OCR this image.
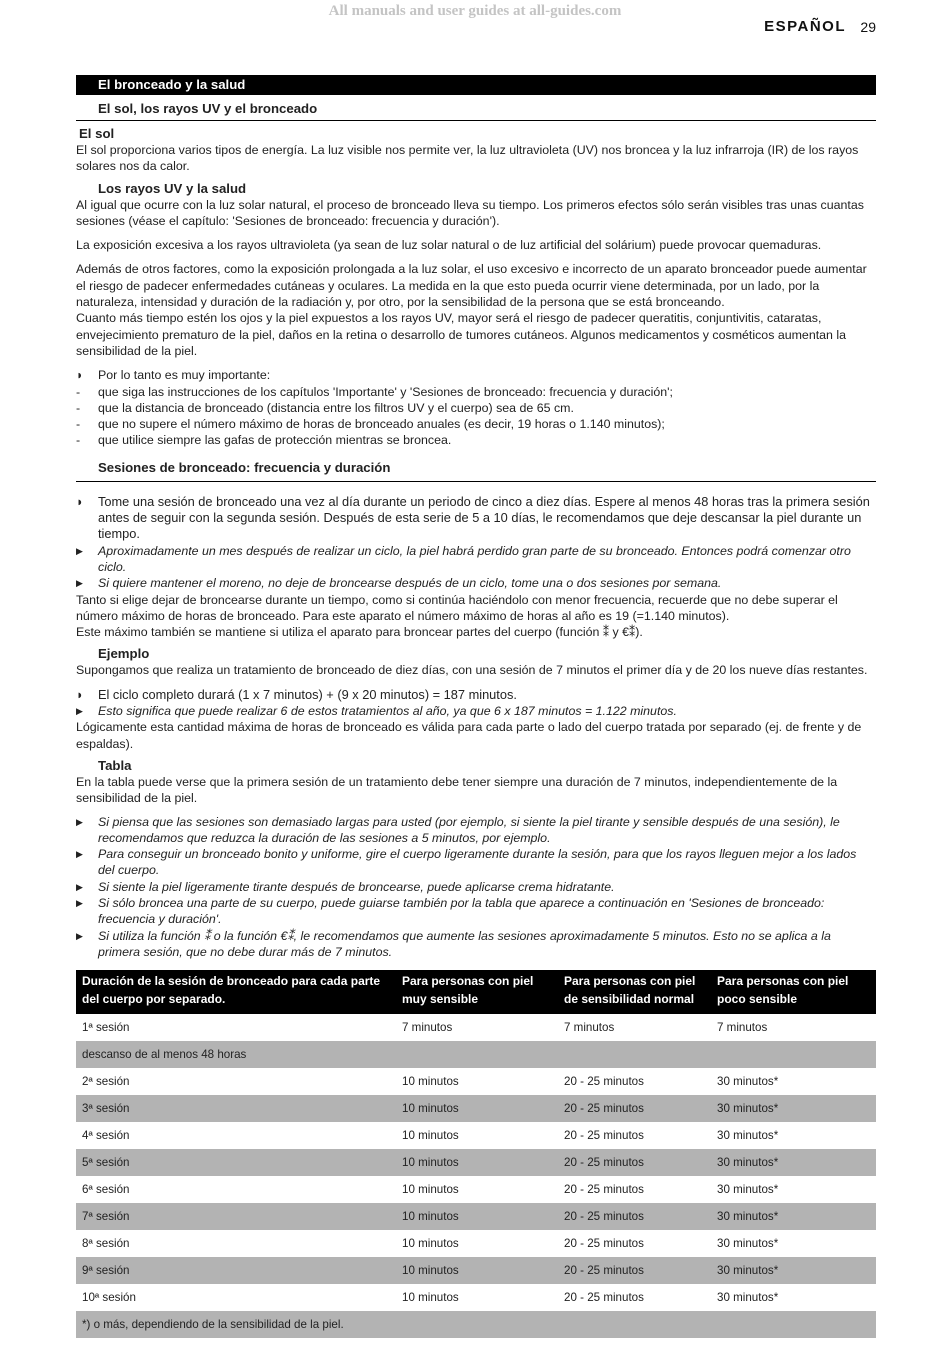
All manuals and user guides at all-guides.com
ESPAÑOL 29
El bronceado y la salud
El sol, los rayos UV y el bronceado
El sol

El sol proporciona varios tipos de energía. La luz visible nos permite ver, la luz ultravioleta (UV) nos broncea y la luz infrarroja (IR) de los rayos solares nos da calor.

Los rayos UV y la salud

Al igual que ocurre con la luz solar natural, el proceso de bronceado lleva su tiempo. Los primeros efectos sólo serán visibles tras unas cuantas sesiones (véase el capítulo: 'Sesiones de bronceado: frecuencia y duración').

La exposición excesiva a los rayos ultravioleta (ya sean de luz solar natural o de luz artificial del solárium) puede provocar quemaduras.

Además de otros factores, como la exposición prolongada a la luz solar, el uso excesivo e incorrecto de un aparato bronceador puede aumentar el riesgo de padecer enfermedades cutáneas y oculares. La medida en la que esto pueda ocurrir viene determinada, por un lado, por la naturaleza, intensidad y duración de la radiación y, por otro, por la sensibilidad de la persona que se está bronceando.

Cuanto más tiempo estén los ojos y la piel expuestos a los rayos UV, mayor será el riesgo de padecer queratitis, conjuntivitis, cataratas, envejecimiento prematuro de la piel, daños en la retina o desarrollo de tumores cutáneos. Algunos medicamentos y cosméticos aumentan la sensibilidad de la piel.

◗ Por lo tanto es muy importante:
- que siga las instrucciones de los capítulos 'Importante' y 'Sesiones de bronceado: frecuencia y duración';
- que la distancia de bronceado (distancia entre los filtros UV y el cuerpo) sea de 65 cm.
- que no supere el número máximo de horas de bronceado anuales (es decir, 19 horas o 1.140 minutos);
- que utilice siempre las gafas de protección mientras se broncea.
Sesiones de bronceado: frecuencia y duración
◗ Tome una sesión de bronceado una vez al día durante un periodo de cinco a diez días. Espere al menos 48 horas tras la primera sesión antes de seguir con la segunda sesión. Después de esta serie de 5 a 10 días, le recomendamos que deje descansar la piel durante un tiempo.
▶ Aproximadamente un mes después de realizar un ciclo, la piel habrá perdido gran parte de su bronceado. Entonces podrá comenzar otro ciclo.
▶ Si quiere mantener el moreno, no deje de broncearse después de un ciclo, tome una o dos sesiones por semana.

Tanto si elige dejar de broncearse durante un tiempo, como si continúa haciéndolo con menor frecuencia, recuerde que no debe superar el número máximo de horas de bronceado. Para este aparato el número máximo de horas al año es 19 (=1.140 minutos).

Este máximo también se mantiene si utiliza el aparato para broncear partes del cuerpo (función ⁑ y €⁑).

Ejemplo

Supongamos que realiza un tratamiento de bronceado de diez días, con una sesión de 7 minutos el primer día y de 20 los nueve días restantes.

◗ El ciclo completo durará (1 x 7 minutos) + (9 x 20 minutos) = 187 minutos.
▶ Esto significa que puede realizar 6 de estos tratamientos al año, ya que 6 x 187 minutos = 1.122 minutos.

Lógicamente esta cantidad máxima de horas de bronceado es válida para cada parte o lado del cuerpo tratada por separado (ej. de frente y de espaldas).

Tabla

En la tabla puede verse que la primera sesión de un tratamiento debe tener siempre una duración de 7 minutos, independientemente de la sensibilidad de la piel.

▶ Si piensa que las sesiones son demasiado largas para usted (por ejemplo, si siente la piel tirante y sensible después de una sesión), le recomendamos que reduzca la duración de las sesiones a 5 minutos, por ejemplo.
▶ Para conseguir un bronceado bonito y uniforme, gire el cuerpo ligeramente durante la sesión, para que los rayos lleguen mejor a los lados del cuerpo.
▶ Si siente la piel ligeramente tirante después de broncearse, puede aplicarse crema hidratante.
▶ Si sólo broncea una parte de su cuerpo, puede guiarse también por la tabla que aparece a continuación en 'Sesiones de bronceado: frecuencia y duración'.
▶ Si utiliza la función ⁑ o la función €⁑, le recomendamos que aumente las sesiones aproximadamente 5 minutos. Esto no se aplica a la primera sesión, que no debe durar más de 7 minutos.
Duración de la sesión de bronceado para cada parte del cuerpo por separado.	Para personas con piel muy sensible	Para personas con piel de sensibilidad normal	Para personas con piel poco sensible
1ª sesión	7 minutos	7 minutos	7 minutos
descanso de al menos 48 horas			
2ª sesión	10 minutos	20 - 25 minutos	30 minutos*
3ª sesión	10 minutos	20 - 25 minutos	30 minutos*
4ª sesión	10 minutos	20 - 25 minutos	30 minutos*
5ª sesión	10 minutos	20 - 25 minutos	30 minutos*
6ª sesión	10 minutos	20 - 25 minutos	30 minutos*
7ª sesión	10 minutos	20 - 25 minutos	30 minutos*
8ª sesión	10 minutos	20 - 25 minutos	30 minutos*
9ª sesión	10 minutos	20 - 25 minutos	30 minutos*
10ª sesión	10 minutos	20 - 25 minutos	30 minutos*
*) o más, dependiendo de la sensibilidad de la piel.			
